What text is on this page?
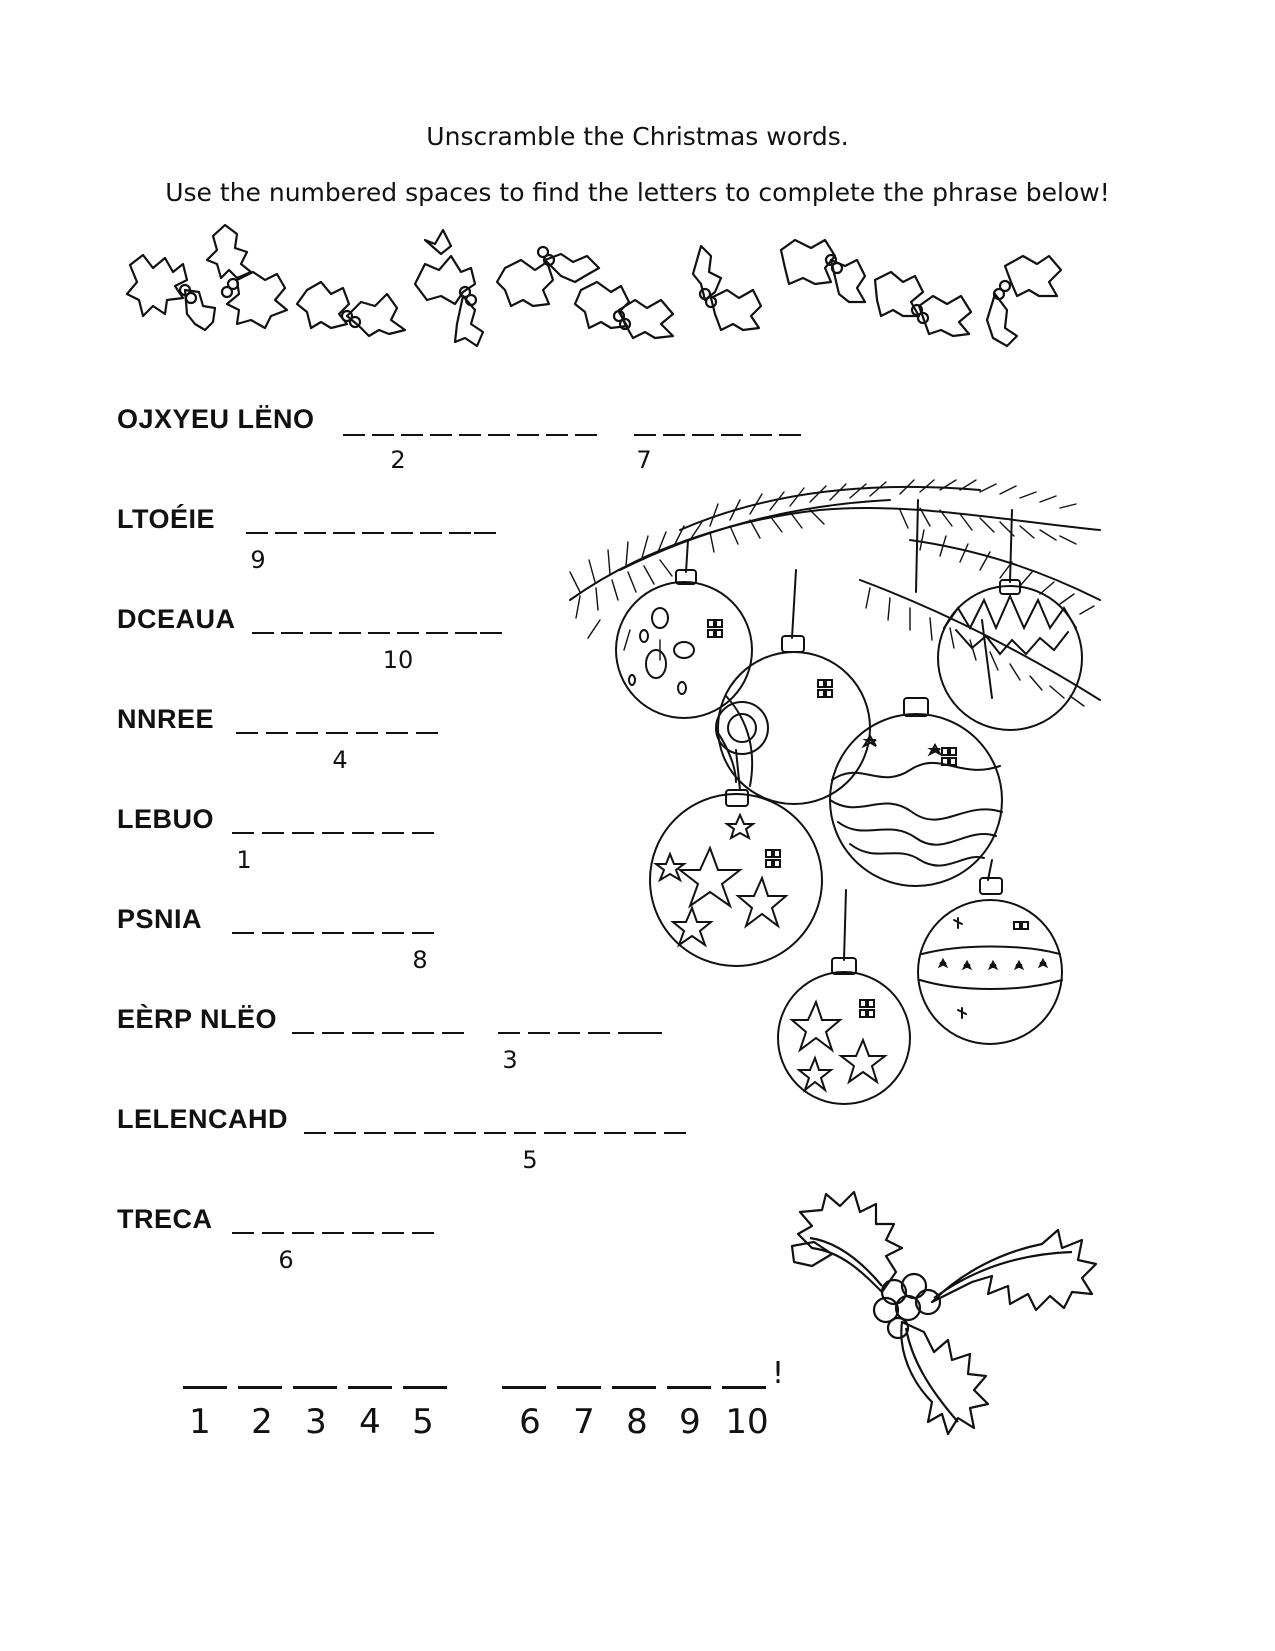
Unscramble the Christmas words.
Use the numbered spaces to find the letters to complete the phrase below!
OJXYEU LËNO
2	7
LTOÉIE
9
DCEAUA
10
NNREE
4
LEBUO
1
PSNIA
8
EÈRP NLËO
3
LELENCAHD
5
TRECA
6
!
1	2 3 4 5	6 7 8 9 10
